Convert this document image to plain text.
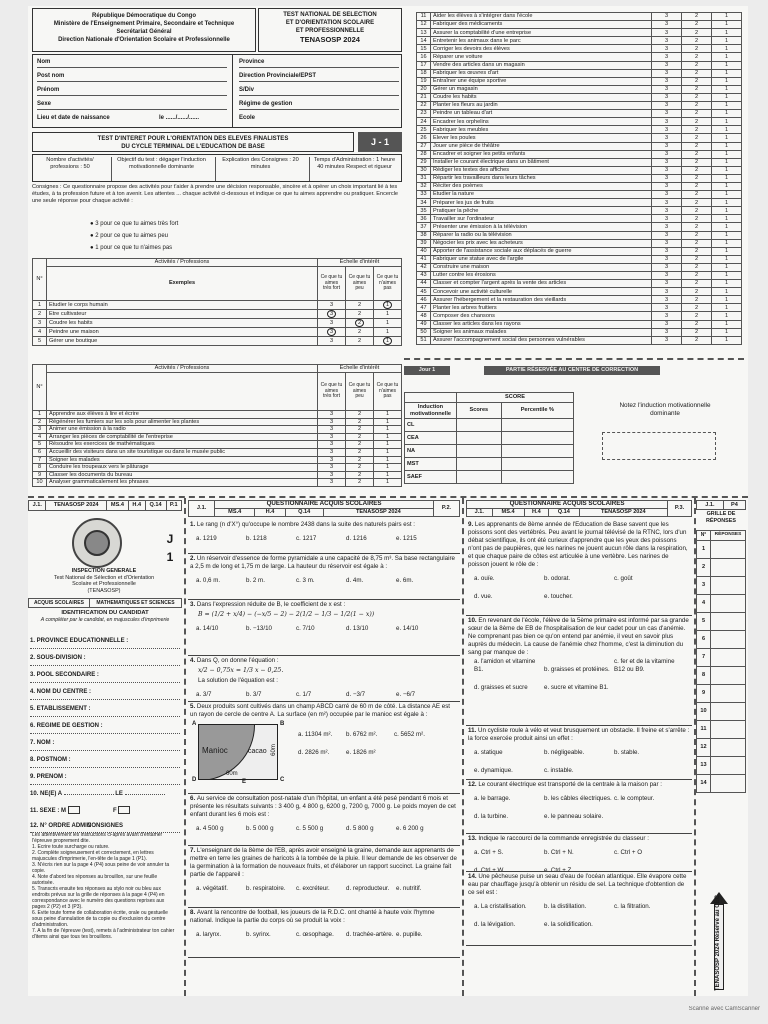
République Démocratique du Congo
Ministère de l'Enseignement Primaire, Secondaire et Technique
Secrétariat Général
Direction Nationale d'Orientation Scolaire et Professionnelle
TEST NATIONAL DE SELECTION
ET D'ORIENTATION SCOLAIRE
ET PROFESSIONNELLE
TENASOSP 2024
Nom
Post nom
Prénom
Sexe
Lieu et date de naissance	le ....../....../......
Province
Direction Provinciale/EPST
S/Div
Régime de gestion
Ecole
TEST D'INTERET POUR L'ORIENTATION DES ELEVES FINALISTES
DU CYCLE TERMINAL DE L'EDUCATION DE BASE	J - 1
Nombre d'activités/ professions : 50
Objectif du test : dégager l'induction motivationnelle dominante
Explication des Consignes : 20 minutes
Temps d'Administration : 1 heure 40 minutes Respect et rigueur
Consignes : Ce questionnaire propose des activités pour t'aider à prendre une décision responsable, sincère et à opérer un choix important lié à tes études, à ta profession future et à ton avenir. Les attentes ... chaque activité ci-dessous et indique ce que tu aimes apprendre ou pratiquer. Encercle une seule réponse pour chaque activité :
● 3 pour ce que tu aimes très fort
● 2 pour ce que tu aimes peu
● 1 pour ce que tu n'aimes pas
N°	Activités / Professions	Echelle d'intérêt		
	Exemples	Ce que tu aimes très fort	Ce que tu aimes peu	Ce que tu n'aimes pas
1	Etudier le corps humain	3	2	1
2	Etre cultivateur	3	2	1
3	Coudre les habits	3	2	1
4	Peindre une maison	3	2	1
5	Gérer une boutique	3	2	1
N°	Activités / Professions	Echelle d'intérêt		
		Ce que tu aimes très fort	Ce que tu aimes peu	Ce que tu n'aimes pas
1	Apprendre aux élèves à lire et écrire	3	2	1
2	Régénérer les fumiers sur les sols pour alimenter les plantes	3	2	1
3	Animer une émission à la radio	3	2	1
4	Arranger les pièces de comptabilité de l'entreprise	3	2	1
5	Résoudre les exercices de mathématiques	3	2	1
6	Accueillir des visiteurs dans un site touristique ou dans le musée public	3	2	1
7	Soigner les malades	3	2	1
8	Conduire les troupeaux vers le pâturage	3	2	1
9	Classer les documents du bureau	3	2	1
10	Analyser grammaticalement les phrases	3	2	1
11	Aider les élèves à s'intégrer dans l'école	3	2	1
12	Fabriquer des médicaments	3	2	1
13	Assurer la comptabilité d'une entreprise	3	2	1
14	Entretenir les animaux dans le parc	3	2	1
15	Corriger les devoirs des élèves	3	2	1
16	Réparer une voiture	3	2	1
17	Vendre des articles dans un magasin	3	2	1
18	Fabriquer les œuvres d'art	3	2	1
19	Entraîner une équipe sportive	3	2	1
20	Gérer un magasin	3	2	1
21	Coudre les habits	3	2	1
22	Planter les fleurs au jardin	3	2	1
23	Peindre un tableau d'art	3	2	1
24	Encadrer les orphelins	3	2	1
25	Fabriquer les meubles	3	2	1
26	Elever les poules	3	2	1
27	Jouer une pièce de théâtre	3	2	1
28	Encadrer et soigner les petits enfants	3	2	1
29	Installer le courant électrique dans un bâtiment	3	2	1
30	Rédiger les textes des affiches	3	2	1
31	Répartir les travailleurs dans leurs tâches	3	2	1
32	Réciter des poèmes	3	2	1
33	Etudier la nature	3	2	1
34	Préparer les jus de fruits	3	2	1
35	Pratiquer la pêche	3	2	1
36	Travailler sur l'ordinateur	3	2	1
37	Présenter une émission à la télévision	3	2	1
38	Réparer la radio ou la télévision	3	2	1
39	Négocier les prix avec les acheteurs	3	2	1
40	Apporter de l'assistance sociale aux déplacés de guerre	3	2	1
41	Fabriquer une statue avec de l'argile	3	2	1
42	Construire une maison	3	2	1
43	Lutter contre les érosions	3	2	1
44	Classer et compter l'argent après la vente des articles	3	2	1
45	Concevoir une activité culturelle	3	2	1
46	Assurer l'hébergement et la restauration des vieillards	3	2	1
47	Planter les arbres fruitiers	3	2	1
48	Composer des chansons	3	2	1
49	Classer les articles dans les rayons	3	2	1
50	Soigner les animaux malades	3	2	1
51	Assurer l'accompagnement social des personnes vulnérables	3	2	1
Jour 1	PARTIE RÉSERVÉE AU CENTRE DE CORRECTION
	SCORE	
Induction motivationnelle	Scores	Percentile %
CL		
CEA		
NA		
MST		
SAEF		
Notez l'induction motivationnelle dominante
J.1.	TENASOSP 2024	MS.4	H.4	Q.14	P.1
J 1
INSPECTION GENERALE
Test National de Sélection et d'Orientation
Scolaire et Professionnelle
(TENASOSP)
ACQUIS SCOLAIRES	MATHEMATIQUES ET SCIENCES
IDENTIFICATION DU CANDIDAT
A compléter par le candidat, en majuscules d'imprimerie
1. PROVINCE EDUCATIONNELLE :
2. SOUS-DIVISION :
3. POOL SECONDAIRE :
4. NOM DU CENTRE :
5. ETABLISSEMENT :
6. REGIME DE GESTION :
7. NOM :
8. POSTNOM :
9. PRENOM :
10. NE(E) A	LE
11. SEXE : M	F
12. N° ORDRE ADMIN
CONSIGNES
Les attentivement les instructions ci-après avant d'entamer l'épreuve proprement dite.
1. Ecrire toute surcharge ou rature.
2. Complète soigneusement et correctement, en lettres majuscules d'imprimerie, l'en-tête de la page 1 (P1).
3. N'écris rien sur la page 4 (P4) sous peine de voir annuler ta copie.
4. Note d'abord tes réponses au brouillon, sur une feuille autorisée.
5. Transcris ensuite tes réponses au stylo noir ou bleu aux endroits prévus sur la grille de réponses à la page 4 (P4) en correspondance avec le numéro des questions reprises aux pages 2 (P2) et 3 (P3).
6. Evite toute forme de collaboration écrite, orale ou gestuelle sous peine d'annulation de ta copie ou d'exclusion du centre d'administration.
7. A la fin de l'épreuve (test), remets à l'administrateur ton cahier d'items ainsi que tous tes brouillons.
J.1.	QUESTIONNAIRE ACQUIS SCOLAIRES				P.2.
	MS.4	H.4	Q.14	TENASOSP 2024	
1. Le rang (n d'X°) qu'occupe le nombre 2438 dans la suite des naturels pairs est :
a. 1219	b. 1218	c. 1217	d. 1216	e. 1215
2. Un réservoir d'essence de forme pyramidale a une capacité de 8,75 m³. Sa base rectangulaire a 2,5 m de long et 1,75 m de large. La hauteur du réservoir est égale à :
a. 0,6 m.	b. 2 m.	c. 3 m.	d. 4m.	e. 6m.
3. Dans l'expression réduite de B, le coefficient de x est :
B = (1/2 + x/4) − (−x/5 − 2) − 2(1/2 − 1/3 − 1/2(1 − x))
a. 14/10	b. −13/10	c. 7/10	d. 13/10	e. 14/10
4. Dans Q, on donne l'équation :
x/2 − 0,75x = 1/3 x − 0,25.
La solution de l'équation est :
a. 3/7	b. 3/7	c. 1/7	d. −3/7	e. −6/7
5. Deux produits sont cultivés dans un champ ABCD carré de 60 m de côté. La distance AE est un rayon de cercle de centre A. La surface (en m²) occupée par le manioc est égale à :
A	B
C
D	E
Manioc	cacao
60m
60m
a. 11304 m². b. 6762 m².	c. 5652 m².d. 2826 m².	e. 1826 m²
6. Au service de consultation post-natale d'un l'hôpital, un enfant a été pesé pendant 6 mois et présente les résultats suivants : 3 400 g, 4 800 g, 6200 g, 7200 g, 7000 g. Le poids moyen de cet enfant durant les 6 mois est :
a. 4 500 g	b. 5 000 g	c. 5 500 g	d. 5 800 g	e. 6 200 g
7. L'enseignant de la 8ème de l'EB, après avoir enseigné la graine, demande aux apprenants de mettre en terre les graines de haricots à la tombée de la pluie. Il leur demande de les observer de la germination à la formation de nouveaux fruits, et d'élaborer un rapport succinct. La graine fait partie de l'appareil :
a. végétatif.	b. respiratoire. c. excréteur.	d. reproducteur. e. nutritif.
8. Avant la rencontre de football, les joueurs de la R.D.C. ont chanté à haute voix l'hymne national. Indique la partie du corps où se produit la voix :
a. larynx.	b. syrinx.	c. œsophage. d. trachée-artère. e. pupille.
QUESTIONNAIRE ACQUIS SCOLAIRES					P.3.
J.1.	MS.4	H.4	Q.14	TENASOSP 2024	
9. Les apprenants de 8ème année de l'Education de Base savent que les poissons sont des vertébrés. Peu avant le journal télévisé de la RTNC, lors d'un débat scientifique, ils ont été curieux d'apprendre que les yeux des poissons n'ont pas de paupières, que les narines ne jouent aucun rôle dans la respiration, et que chaque paire de côtes est articulée à une vertèbre. Les narines de poisson jouent le rôle de :
a. ouïe.	b. odorat.	c. goûtd. vue.	e. toucher.
10. En revenant de l'école, l'élève de la 5ème primaire est informé par sa grande sœur de la 8ème de EB de l'hospitalisation de leur cadet pour un cas d'anémie. Ne comprenant pas bien ce qu'on entend par anémie, il veut en savoir plus auprès du médecin. La cause de l'anémie chez l'homme, c'est la diminution du sang par manque de :
a. l'amidon et vitamine B1.	b. graisses et protéines.c. fer et de la vitamine B12 ou B9.d. graisses et sucre	e. sucre et vitamine B1.
11. Un cycliste roule à vélo et veut brusquement un obstacle. Il freine et s'arrête : la force exercée produit ainsi un effet :
a. statique	b. négligeable.	b. stable.e. dynamique.	c. instable.
12. Le courant électrique est transporté de la centrale à la maison par :
a. le barrage.	b. les câbles électriques. c. le compteur.d. la turbine.	e. le panneau solaire.
13. Indique le raccourci de la commande enregistrée du classeur :
a. Ctrl + S.	b. Ctrl + N.	c. Ctrl + Od. Ctrl + W.	e. Ctrl + Z.
14. Une pêcheuse puise un seau d'eau de l'océan atlantique. Elle évapore cette eau par chauffage jusqu'à obtenir un résidu de sel. La technique d'obtention de ce sel est :
a. La cristallisation.	b. la distillation.	c. la filtration.d. la lévigation.	e. la solidification.
J.1.	P4
GRILLE DE RÉPONSES
N°	RÉPONSES
1	
2	
3	
4	
5	
6	
7	
8	
9	
10	
11	
12	
13	
14	
TENASOSP 2024 Réservé au CEC
Scanné avec CamScanner
